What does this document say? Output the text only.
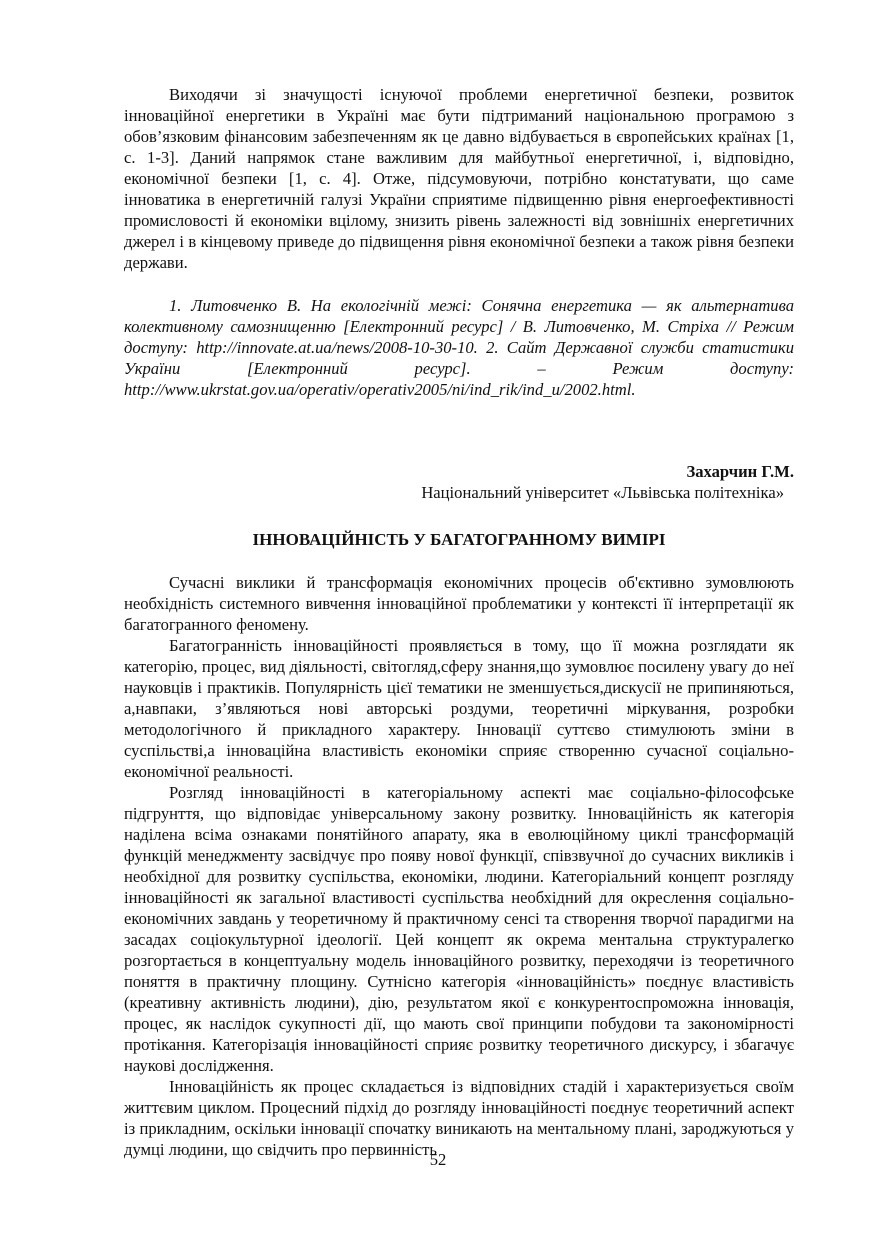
Виходячи зі значущості існуючої проблеми енергетичної безпеки, розвиток інноваційної енергетики в Україні має бути підтриманий національною програмою з обов’язковим фінансовим забезпеченням як це давно відбувається в європейських країнах [1, с. 1-3]. Даний напрямок стане важливим для майбутньої енергетичної, і, відповідно, економічної безпеки [1, с. 4]. Отже, підсумовуючи, потрібно констатувати, що саме інноватика в енергетичній галузі України сприятиме підвищенню рівня енергоефективності промисловості й економіки вцілому, знизить рівень залежності від зовнішніх енергетичних джерел і в кінцевому приведе до підвищення рівня економічної безпеки а також рівня безпеки держави.

1. Литовченко В. На екологічній межі: Сонячна енергетика — як альтернатива колективному самознищенню [Електронний ресурс] / В. Литовченко, М. Стріха // Режим доступу: http://innovate.at.ua/news/2008-10-30-10. 2. Сайт Державної служби статистики України [Електронний ресурс]. – Режим доступу: http://www.ukrstat.gov.ua/operativ/operativ2005/ni/ind_rik/ind_u/2002.html.

Захарчин Г.М.

Національний університет «Львівська політехніка»

ІННОВАЦІЙНІСТЬ У БАГАТОГРАННОМУ ВИМІРІ

Сучасні виклики й трансформація економічних процесів об'єктивно зумовлюють необхідність системного вивчення інноваційної проблематики у контексті її інтерпретації як багатогранного феномену.

Багатогранність інноваційності проявляється в тому, що її можна розглядати як категорію, процес, вид діяльності, світогляд,сферу знання,що зумовлює посилену увагу до неї науковців і практиків. Популярність цієї тематики не зменшується,дискусії не припиняються, а,навпаки, з’являються нові авторські роздуми, теоретичні міркування, розробки методологічного й прикладного характеру. Інновації суттєво стимулюють зміни в суспільстві,а інноваційна властивість економіки сприяє створенню сучасної соціально-економічної реальності.

Розгляд інноваційності в категоріальному аспекті має соціально-філософське підгрунття, що відповідає універсальному закону розвитку. Інноваційність як категорія наділена всіма ознаками понятійного апарату, яка в еволюційному циклі трансформацій функцій менеджменту засвідчує про появу нової функції, співзвучної до сучасних викликів і необхідної для розвитку суспільства, економіки, людини. Категоріальний концепт розгляду інноваційності як загальної властивості суспільства необхідний для окреслення соціально-економічних завдань у теоретичному й практичному сенсі та створення творчої парадигми на засадах соціокультурної ідеології. Цей концепт як окрема ментальна структуралегко розгортається в концептуальну модель інноваційного розвитку, переходячи із теоретичного поняття в практичну площину. Сутнісно категорія «інноваційність» поєднує властивість (креативну активність людини), дію, результатом якої є конкурентоспроможна інновація, процес, як наслідок сукупності дії, що мають свої принципи побудови та закономірності протікання. Категорізація інноваційності сприяє розвитку теоретичного дискурсу, і збагачує наукові дослідження.

Інноваційність як процес складається із відповідних стадій і характеризується своїм життєвим циклом. Процесний підхід до розгляду інноваційності поєднує теоретичний аспект із прикладним, оскільки інновації спочатку виникають на ментальному плані, зароджуються у думці людини, що свідчить про первинність

52
